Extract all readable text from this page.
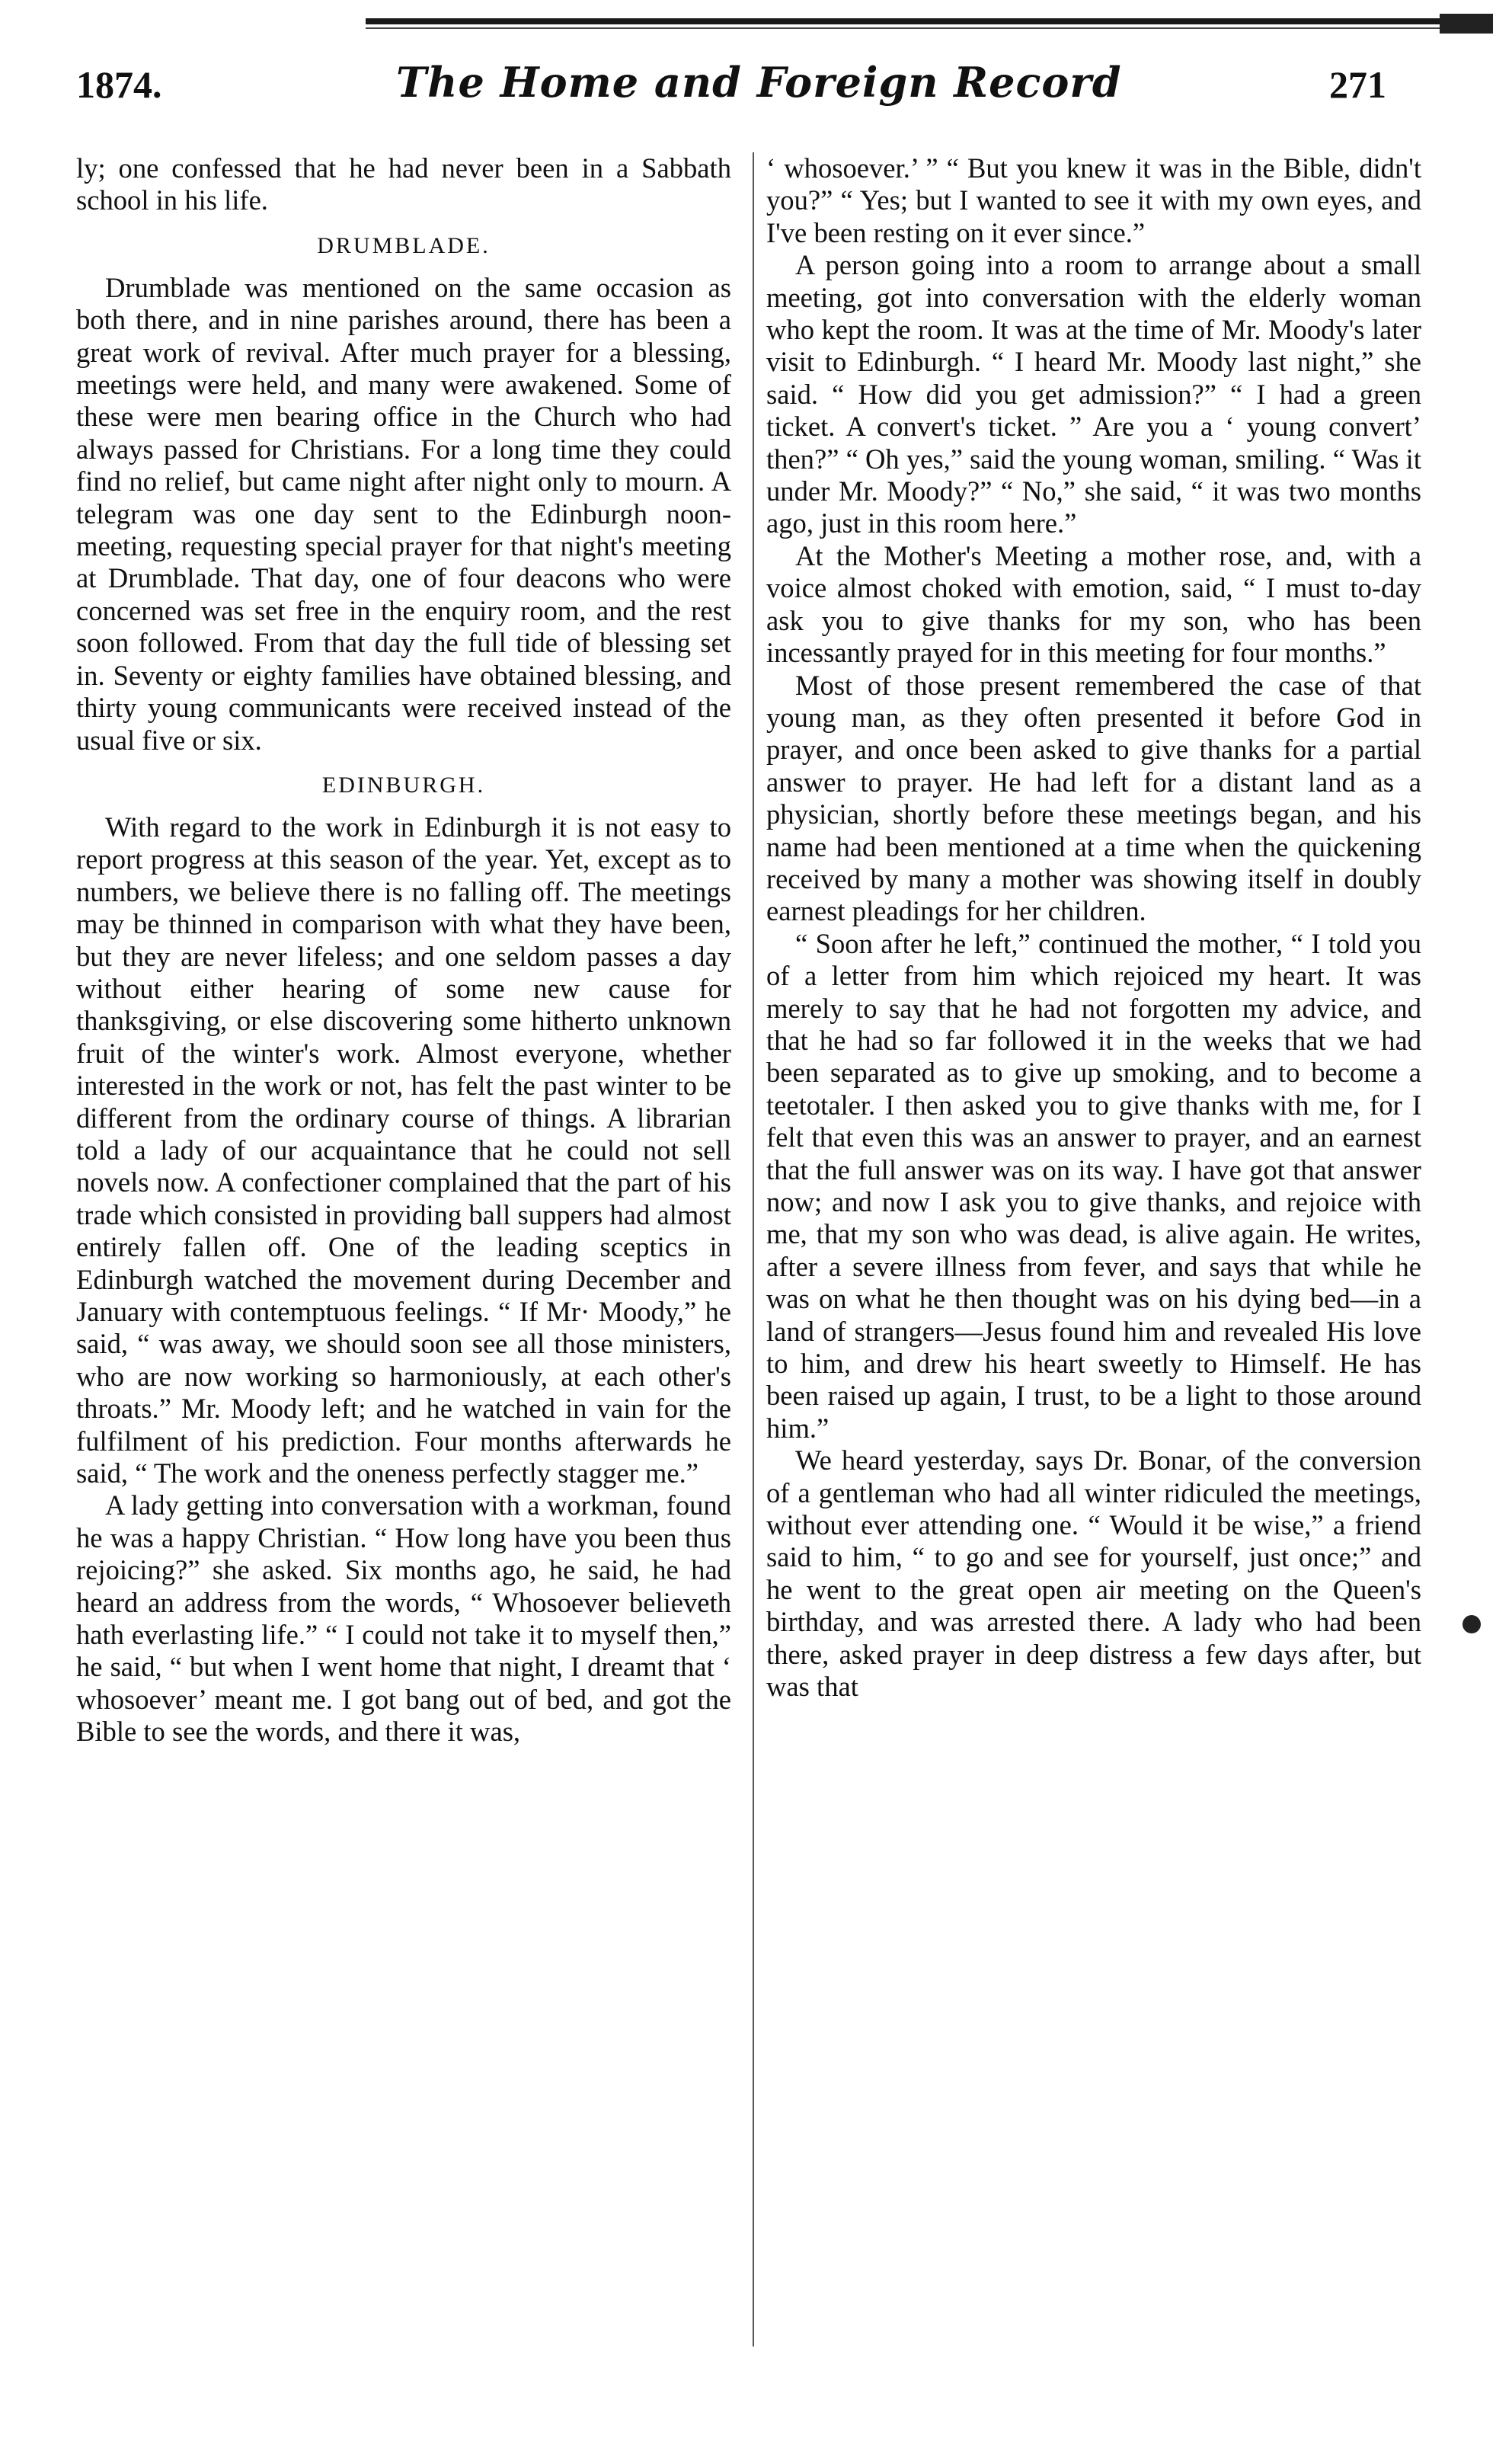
1874.	The Home and Foreign Record	271

ly; one confessed that he had never been in a Sabbath school in his life.

DRUMBLADE.

Drumblade was mentioned on the same occasion as both there, and in nine parishes around, there has been a great work of revival. After much prayer for a blessing, meetings were held, and many were awakened. Some of these were men bearing office in the Church who had always passed for Christians. For a long time they could find no relief, but came night after night only to mourn. A telegram was one day sent to the Edinburgh noon-meeting, requesting special prayer for that night's meeting at Drumblade. That day, one of four deacons who were concerned was set free in the enquiry room, and the rest soon followed. From that day the full tide of blessing set in. Seventy or eighty families have obtained blessing, and thirty young communicants were received instead of the usual five or six.

EDINBURGH.

With regard to the work in Edinburgh it is not easy to report progress at this season of the year. Yet, except as to numbers, we believe there is no falling off. The meetings may be thinned in comparison with what they have been, but they are never lifeless; and one seldom passes a day without either hearing of some new cause for thanksgiving, or else discovering some hitherto unknown fruit of the winter's work. Almost everyone, whether interested in the work or not, has felt the past winter to be different from the ordinary course of things. A librarian told a lady of our acquaintance that he could not sell novels now. A confectioner complained that the part of his trade which consisted in providing ball suppers had almost entirely fallen off. One of the leading sceptics in Edinburgh watched the movement during December and January with contemptuous feelings. “ If Mr· Moody,” he said, “ was away, we should soon see all those ministers, who are now working so harmoniously, at each other's throats.” Mr. Moody left; and he watched in vain for the fulfilment of his prediction. Four months afterwards he said, “ The work and the oneness perfectly stagger me.”

A lady getting into conversation with a workman, found he was a happy Christian. “ How long have you been thus rejoicing?” she asked. Six months ago, he said, he had heard an address from the words, “ Whosoever believeth hath everlasting life.” “ I could not take it to myself then,” he said, “ but when I went home that night, I dreamt that ‘ whosoever’ meant me. I got bang out of bed, and got the Bible to see the words, and there it was,

‘ whosoever.’ ” “ But you knew it was in the Bible, didn't you?” “ Yes; but I wanted to see it with my own eyes, and I've been resting on it ever since.”

A person going into a room to arrange about a small meeting, got into conversation with the elderly woman who kept the room. It was at the time of Mr. Moody's later visit to Edinburgh. “ I heard Mr. Moody last night,” she said. “ How did you get admission?” “ I had a green ticket. A convert's ticket. ” Are you a ‘ young convert’ then?” “ Oh yes,” said the young woman, smiling. “ Was it under Mr. Moody?” “ No,” she said, “ it was two months ago, just in this room here.”

At the Mother's Meeting a mother rose, and, with a voice almost choked with emotion, said, “ I must to-day ask you to give thanks for my son, who has been incessantly prayed for in this meeting for four months.”

Most of those present remembered the case of that young man, as they often presented it before God in prayer, and once been asked to give thanks for a partial answer to prayer. He had left for a distant land as a physician, shortly before these meetings began, and his name had been mentioned at a time when the quickening received by many a mother was showing itself in doubly earnest pleadings for her children.

“ Soon after he left,” continued the mother, “ I told you of a letter from him which rejoiced my heart. It was merely to say that he had not forgotten my advice, and that he had so far followed it in the weeks that we had been separated as to give up smoking, and to become a teetotaler. I then asked you to give thanks with me, for I felt that even this was an answer to prayer, and an earnest that the full answer was on its way. I have got that answer now; and now I ask you to give thanks, and rejoice with me, that my son who was dead, is alive again. He writes, after a severe illness from fever, and says that while he was on what he then thought was on his dying bed—in a land of strangers—Jesus found him and revealed His love to him, and drew his heart sweetly to Himself. He has been raised up again, I trust, to be a light to those around him.”

We heard yesterday, says Dr. Bonar, of the conversion of a gentleman who had all winter ridiculed the meetings, without ever attending one. “ Would it be wise,” a friend said to him, “ to go and see for yourself, just once;” and he went to the great open air meeting on the Queen's birthday, and was arrested there. A lady who had been there, asked prayer in deep distress a few days after, but was that
